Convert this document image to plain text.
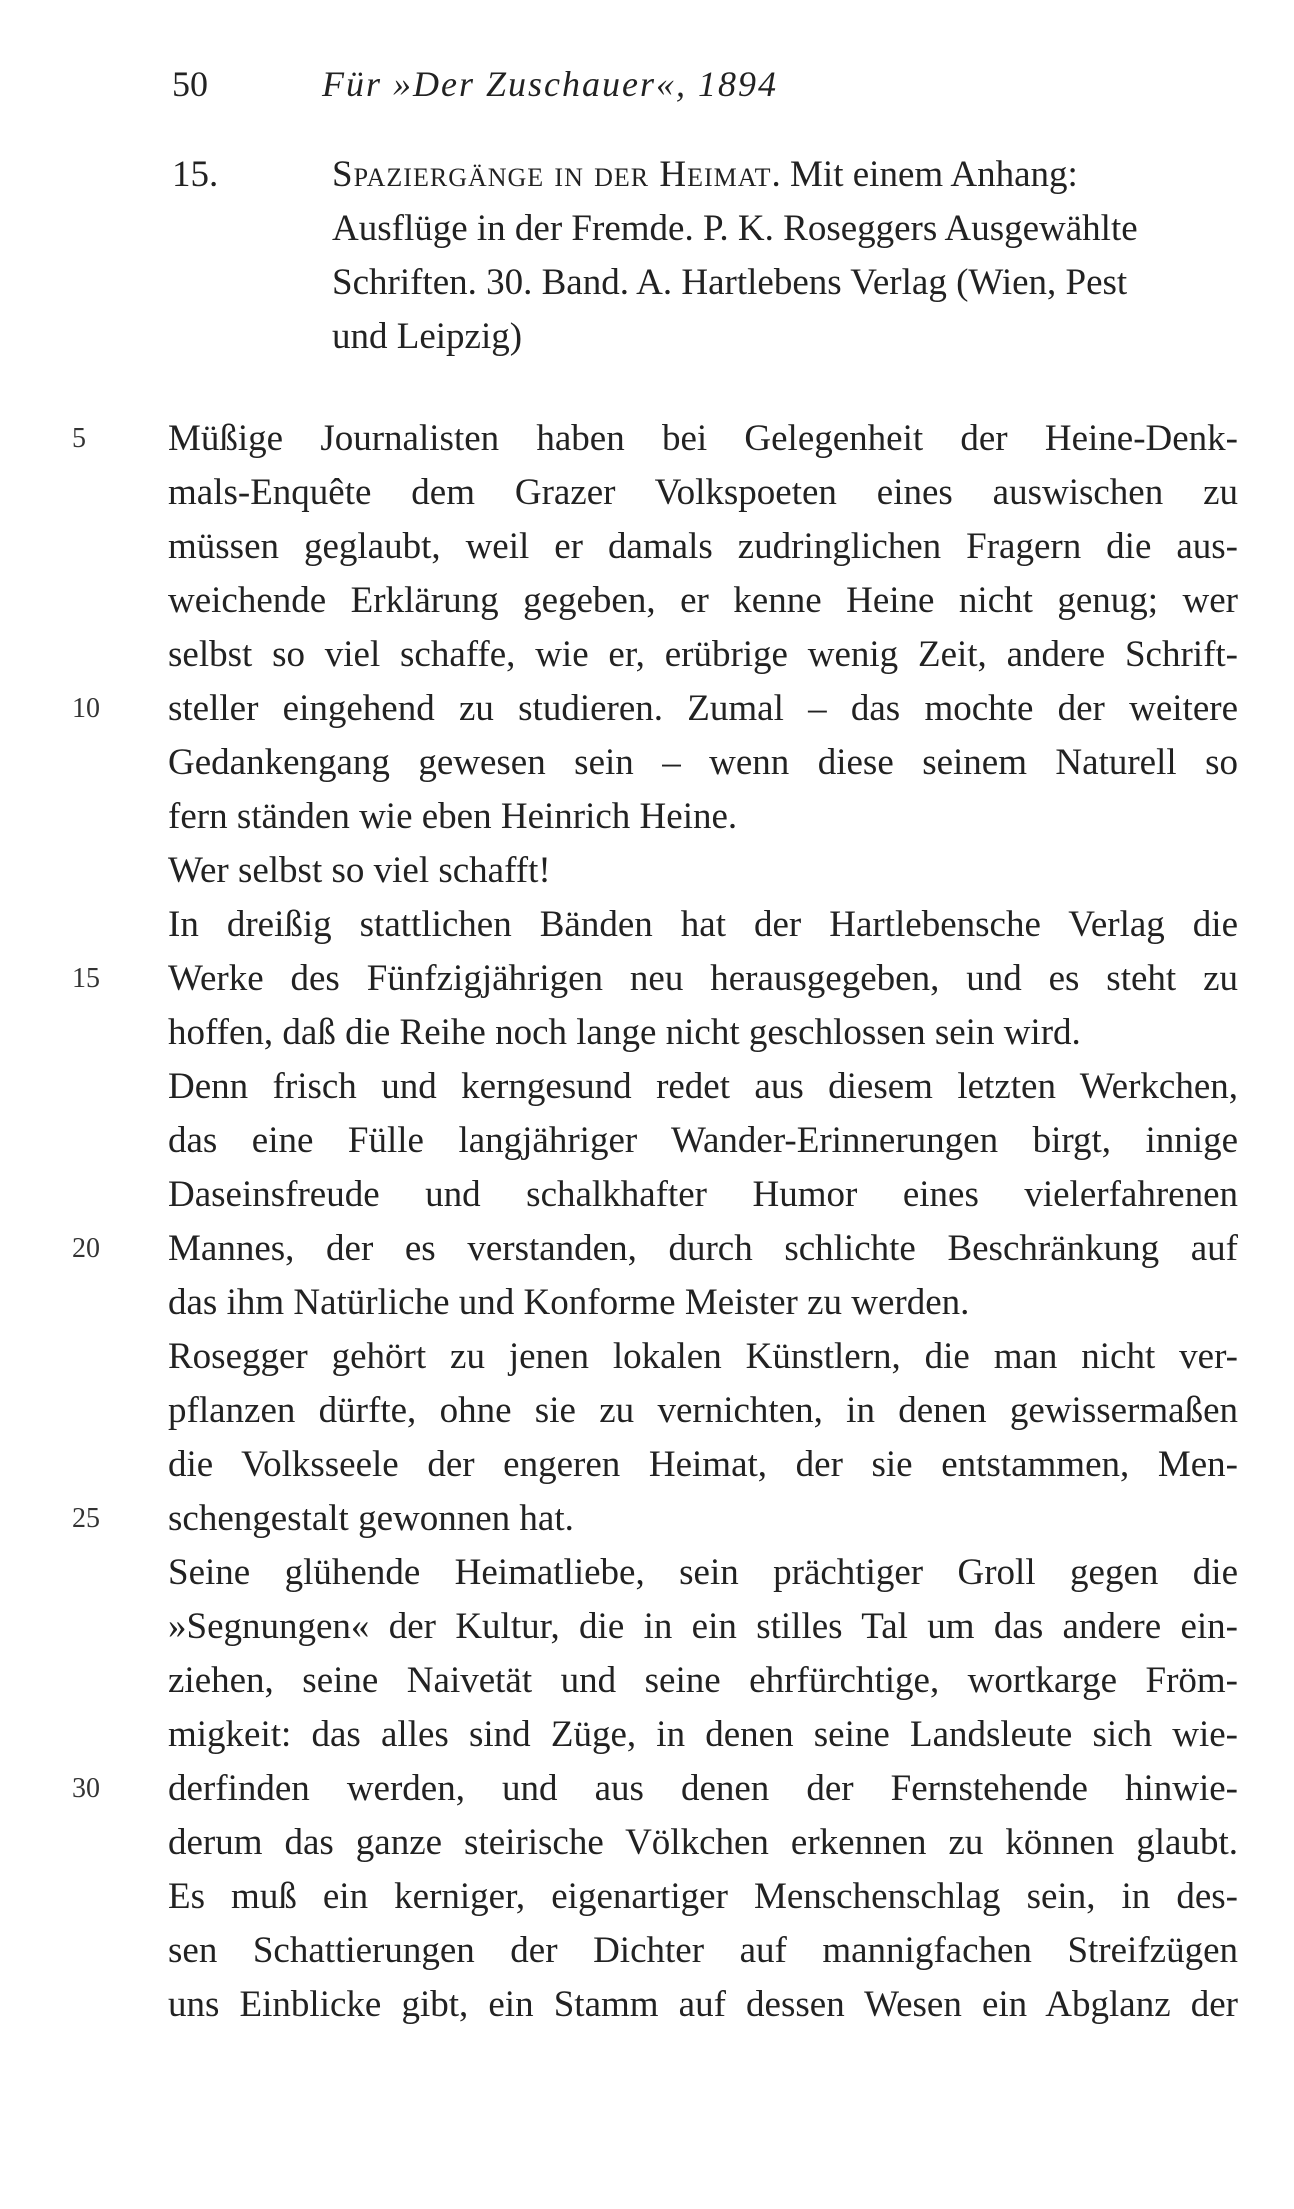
50	Für »Der Zuschauer«, 1894
15.	Spaziergänge in der Heimat. Mit einem Anhang:
Ausflüge in der Fremde. P. K. Roseggers Ausgewählte
Schriften. 30. Band. A. Hartlebens Verlag (Wien, Pest
und Leipzig)
5
10
15
20
25
30
Müßige Journalisten haben bei Gelegenheit der Heine-Denk-
mals-Enquête dem Grazer Volkspoeten eines auswischen zu
müssen geglaubt, weil er damals zudringlichen Fragern die aus-
weichende Erklärung gegeben, er kenne Heine nicht genug; wer
selbst so viel schaffe, wie er, erübrige wenig Zeit, andere Schrift-
steller eingehend zu studieren. Zumal – das mochte der weitere
Gedankengang gewesen sein – wenn diese seinem Naturell so
fern ständen wie eben Heinrich Heine.
Wer selbst so viel schafft!
In dreißig stattlichen Bänden hat der Hartlebensche Verlag die
Werke des Fünfzigjährigen neu herausgegeben, und es steht zu
hoffen, daß die Reihe noch lange nicht geschlossen sein wird.
Denn frisch und kerngesund redet aus diesem letzten Werkchen,
das eine Fülle langjähriger Wander-Erinnerungen birgt, innige
Daseinsfreude und schalkhafter Humor eines vielerfahrenen
Mannes, der es verstanden, durch schlichte Beschränkung auf
das ihm Natürliche und Konforme Meister zu werden.
Rosegger gehört zu jenen lokalen Künstlern, die man nicht ver-
pflanzen dürfte, ohne sie zu vernichten, in denen gewissermaßen
die Volksseele der engeren Heimat, der sie entstammen, Men-
schengestalt gewonnen hat.
Seine glühende Heimatliebe, sein prächtiger Groll gegen die
»Segnungen« der Kultur, die in ein stilles Tal um das andere ein-
ziehen, seine Naivetät und seine ehrfürchtige, wortkarge Fröm-
migkeit: das alles sind Züge, in denen seine Landsleute sich wie-
derfinden werden, und aus denen der Fernstehende hinwie-
derum das ganze steirische Völkchen erkennen zu können glaubt.
Es muß ein kerniger, eigenartiger Menschenschlag sein, in des-
sen Schattierungen der Dichter auf mannigfachen Streifzügen
uns Einblicke gibt, ein Stamm auf dessen Wesen ein Abglanz der
